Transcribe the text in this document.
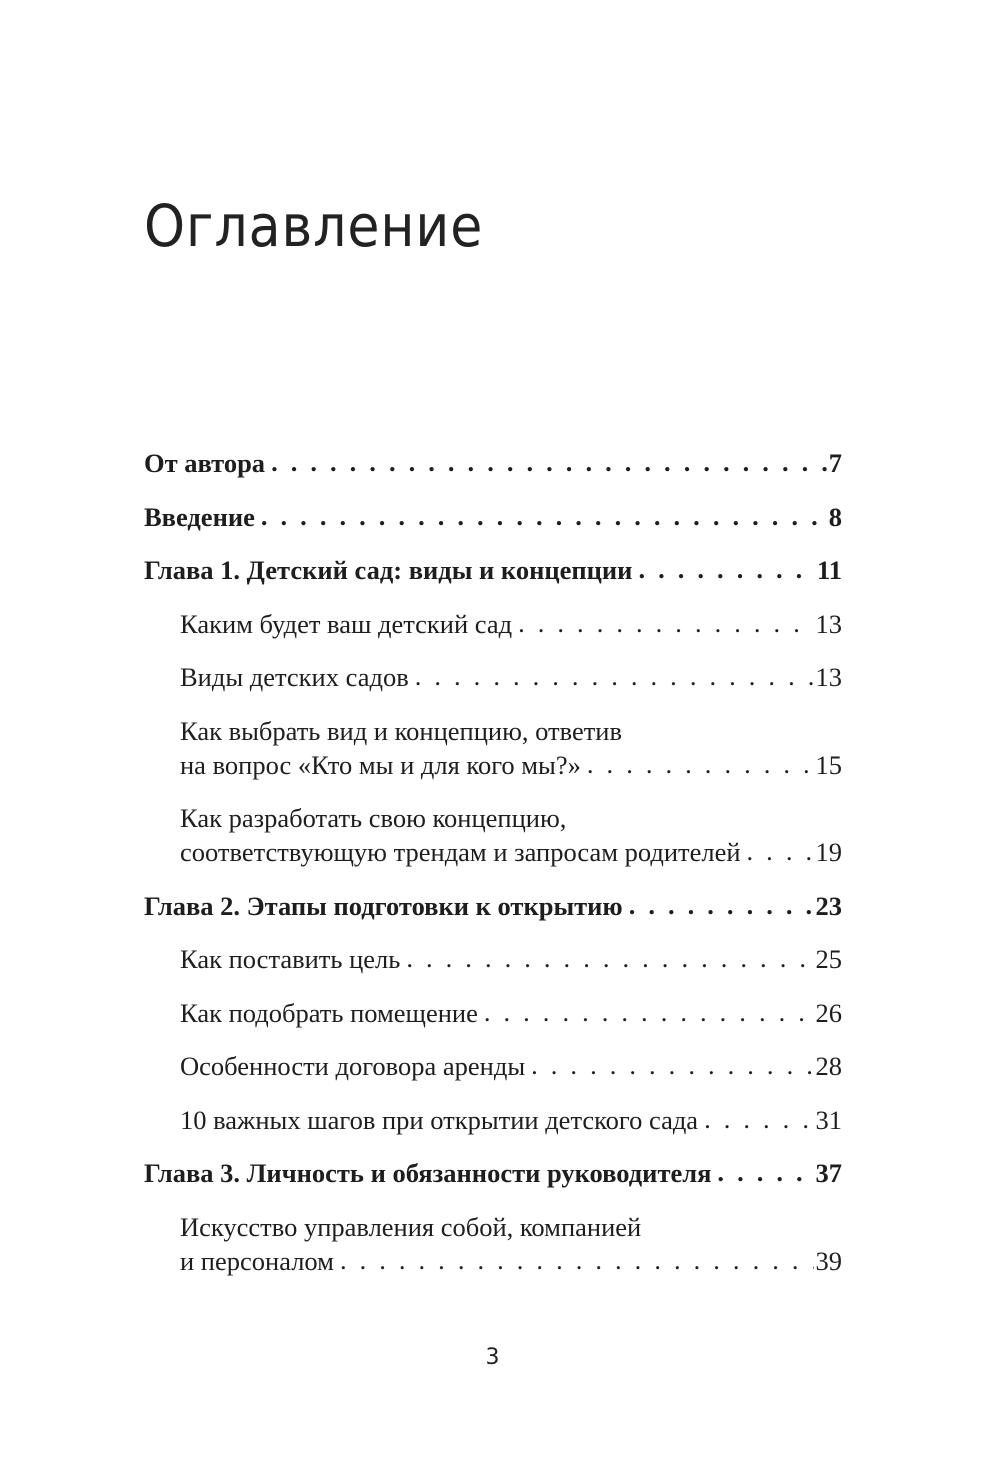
Оглавление
От автора . . .	7
Введение . . .	8
Глава 1. Детский сад: виды и концепции . . .	11
Каким будет ваш детский сад . . .	13
Виды детских садов . . .	13
Как выбрать вид и концепцию, ответив
на вопрос «Кто мы и для кого мы?» . . .	15
Как разработать свою концепцию,
соответствующую трендам и запросам родителей . . .	19
Глава 2. Этапы подготовки к открытию . . .	23
Как поставить цель . . .	25
Как подобрать помещение . . .	26
Особенности договора аренды . . .	28
10 важных шагов при открытии детского сада . . .	31
Глава 3. Личность и обязанности руководителя . . .	37
Искусство управления собой, компанией
и персоналом . . .	39
3
